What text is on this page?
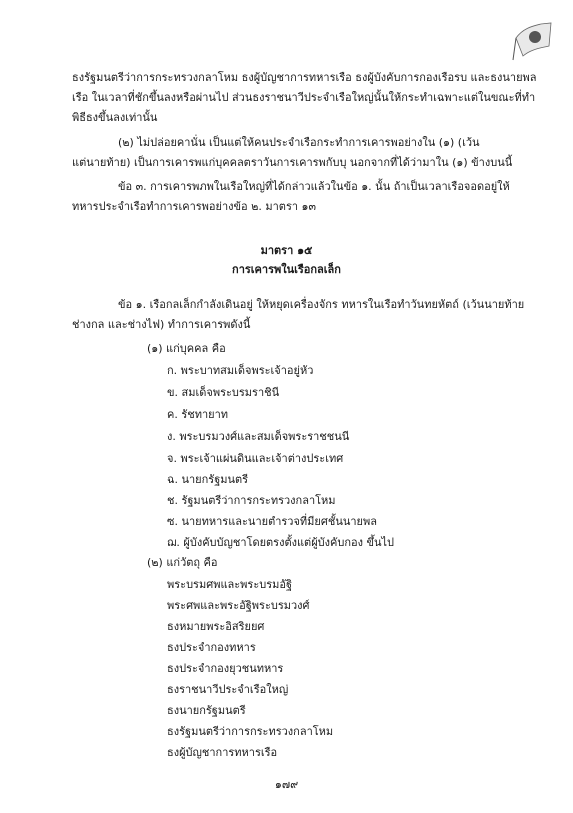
ธงรัฐมนตรีว่าการกระทรวงกลาโหม ธงผู้บัญชาการทหารเรือ ธงผู้บังคับการกองเรือรบ และธงนายพล
เรือ ในเวลาที่ชักขึ้นลงหรือผ่านไป ส่วนธงราชนาวีประจำเรือใหญ่นั้นให้กระทำเฉพาะแต่ในขณะที่ทำ
พิธีธงขึ้นลงเท่านั้น
(๒) ไม่ปล่อยคานั่น เป็นแต่ให้คนประจำเรือกระทำการเคารพอย่างใน (๑) (เว้น
แต่นายท้าย) เป็นการเคารพแก่บุคคลตราวันการเคารพกับบุ นอกจากที่ได้ว่ามาใน (๑) ข้างบนนี้
ข้อ ๓. การเคารพภพในเรือใหญ่ที่ได้กล่าวแล้วในข้อ ๑. นั้น ถ้าเป็นเวลาเรือจอดอยู่ให้
ทหารประจำเรือทำการเคารพอย่างข้อ ๒. มาตรา ๑๓
มาตรา ๑๕
การเคารพในเรือกลเล็ก
ข้อ ๑. เรือกลเล็กกำลังเดินอยู่ ให้หยุดเครื่องจักร ทหารในเรือทำวันทยหัตถ์ (เว้นนายท้าย
ช่างกล และช่างไฟ) ทำการเคารพดังนี้
(๑) แก่บุคคล คือ
ก. พระบาทสมเด็จพระเจ้าอยู่หัว
ข. สมเด็จพระบรมราชินี
ค. รัชทายาท
ง. พระบรมวงศ์และสมเด็จพระราชชนนี
จ. พระเจ้าแผ่นดินและเจ้าต่างประเทศ
ฉ. นายกรัฐมนตรี
ช. รัฐมนตรีว่าการกระทรวงกลาโหม
ซ. นายทหารและนายตำรวจที่มียศชั้นนายพล
ฌ. ผู้บังคับบัญชาโดยตรงตั้งแต่ผู้บังคับกอง ขึ้นไป
(๒) แก่วัตถุ คือ
พระบรมศพและพระบรมอัฐิ
พระศพและพระอัฐิพระบรมวงศ์
ธงหมายพระอิสริยยศ
ธงประจำกองทหาร
ธงประจำกองยุวชนทหาร
ธงราชนาวีประจำเรือใหญ่
ธงนายกรัฐมนตรี
ธงรัฐมนตรีว่าการกระทรวงกลาโหม
ธงผู้บัญชาการทหารเรือ
๑๗๙
